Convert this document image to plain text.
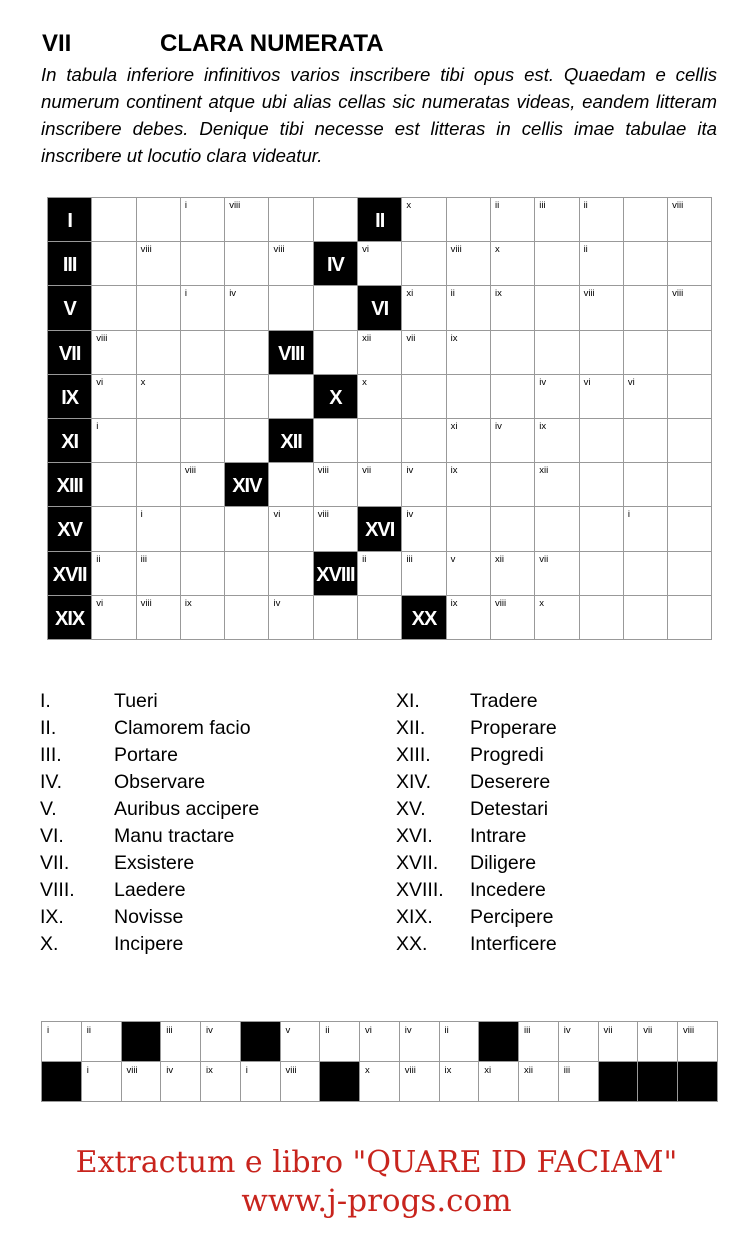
VII	CLARA NUMERATA
In tabula inferiore infinitivos varios inscribere tibi opus est. Quaedam e cellis numerum continent atque ubi alias cellas sic numeratas videas, eandem litteram inscribere debes. Denique tibi necesse est litteras in cellis imae tabulae ita inscribere ut locutio clara videatur.
I			i	viii			II	x		ii	iii	ii		viii

III		viii			viii	IV	vi		viii	x		ii		

V			i	iv			VI	xi	ii	ix		viii		viii

VII	viii				VIII		xii	vii	ix					

IX	vi	x				X	x				iv	vi	vi	

XI	i				XII				xi	iv	ix			

XIII			viii	XIV		viii	vii	iv	ix		xii			

XV		i			vi	viii	XVI	iv					i	

XVII	ii	iii				XVIII	ii	iii	v	xii	vii			

XIX	vi	viii	ix		iv			XX	ix	viii	x			

I.	Tueri
II.	Clamorem facio
III.	Portare
IV.	Observare
V.	Auribus accipere
VI.	Manu tractare
VII. Exsistere
VIII. Laedere
IX.	Novisse
X.	Incipere
XI.	Tradere
XII. Properare
XIII. Progredi
XIV. Deserere
XV. Detestari
XVI. Intrare
XVII. Diligere
XVIII. Incedere
XIX. Percipere
XX. Interficere
i	ii		iii	iv		v	ii	vi	iv	ii		iii	iv	vii	vii	viii

	i	viii	iv	ix	i	viii		x	viii	ix	xi	xii	iii			

Extractum e libro "QUARE ID FACIAM"
www.j-progs.com
